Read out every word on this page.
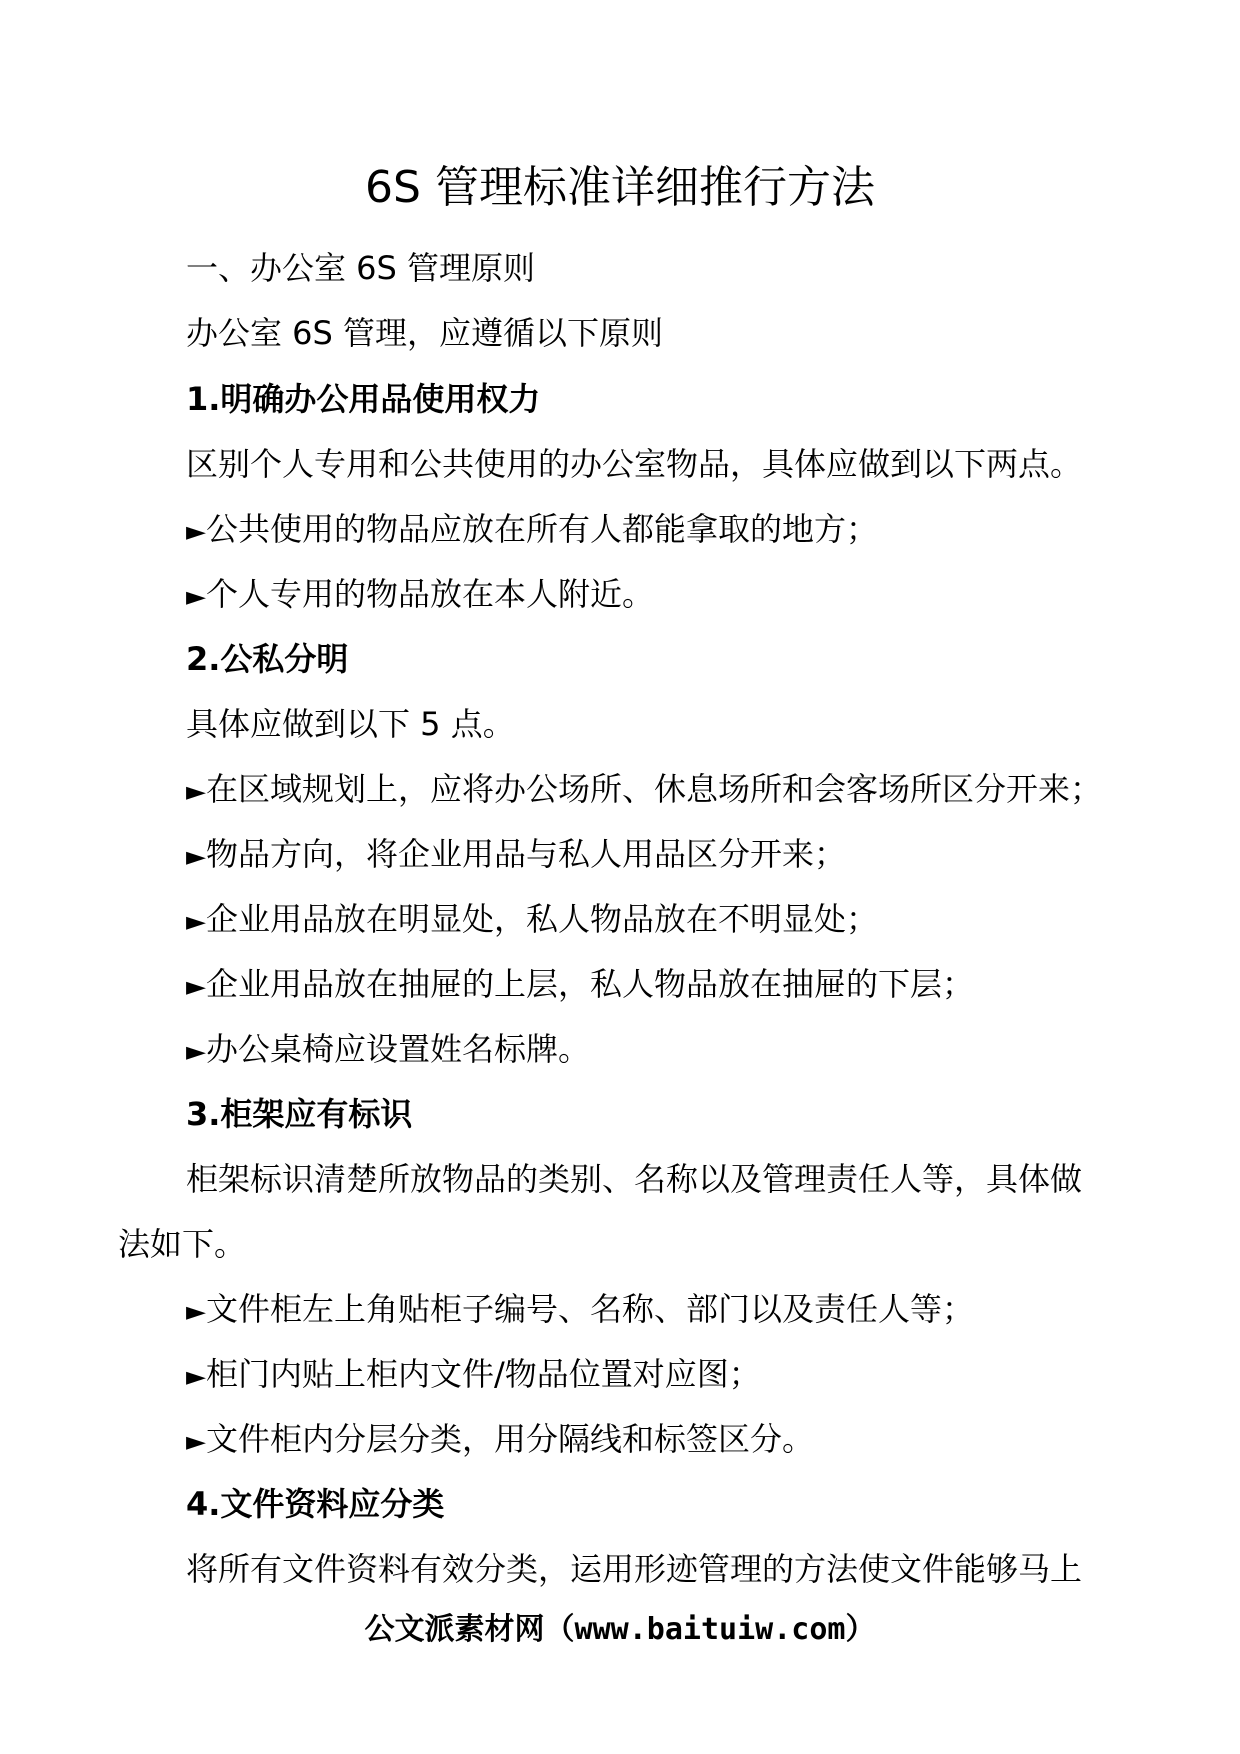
6S 管理标准详细推行方法
一、办公室 6S 管理原则
办公室 6S 管理，应遵循以下原则
1.明确办公用品使用权力
区别个人专用和公共使用的办公室物品，具体应做到以下两点。
►公共使用的物品应放在所有人都能拿取的地方；
►个人专用的物品放在本人附近。
2.公私分明
具体应做到以下 5 点。
►在区域规划上，应将办公场所、休息场所和会客场所区分开来；
►物品方向，将企业用品与私人用品区分开来；
►企业用品放在明显处，私人物品放在不明显处；
►企业用品放在抽屉的上层，私人物品放在抽屉的下层；
►办公桌椅应设置姓名标牌。
3.柜架应有标识
柜架标识清楚所放物品的类别、名称以及管理责任人等，具体做
法如下。
►文件柜左上角贴柜子编号、名称、部门以及责任人等；
►柜门内贴上柜内文件/物品位置对应图；
►文件柜内分层分类，用分隔线和标签区分。
4.文件资料应分类
将所有文件资料有效分类，运用形迹管理的方法使文件能够马上
公文派素材网（www.baituiw.com）
